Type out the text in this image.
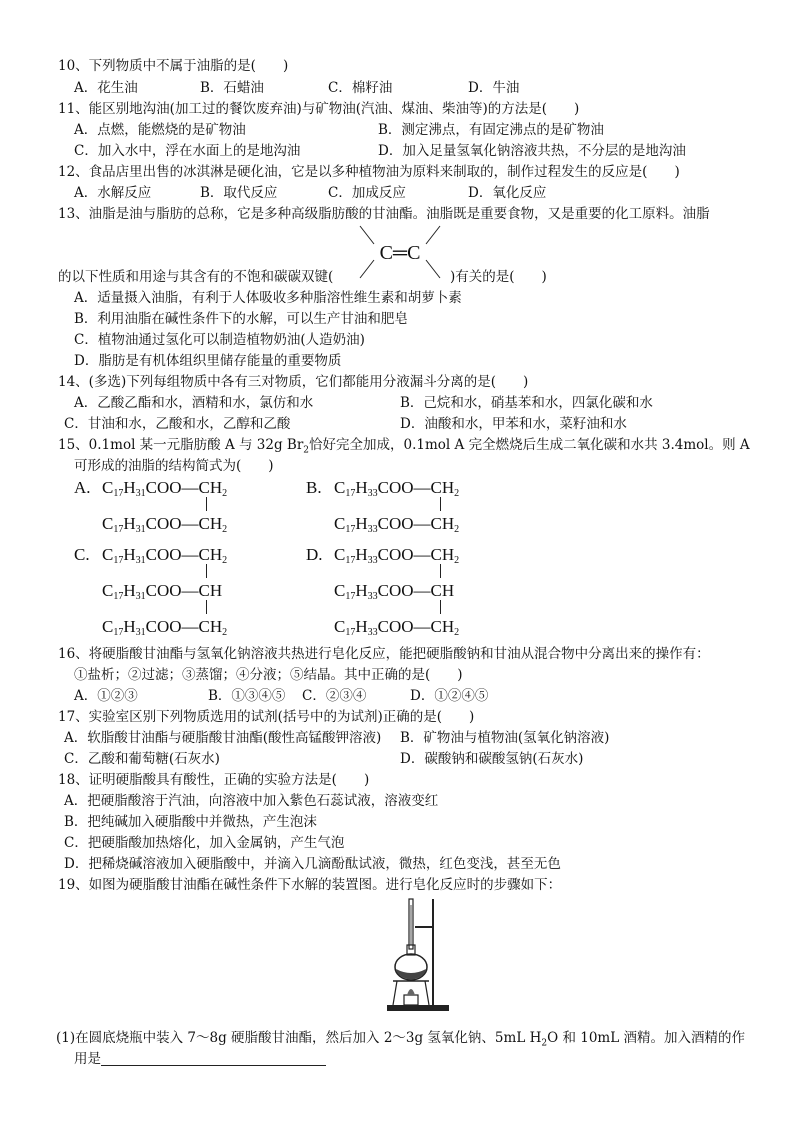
10、下列物质中不属于油脂的是(　　)
A．花生油	B．石蜡油	C．棉籽油	D．牛油
11、能区别地沟油(加工过的餐饮废弃油)与矿物油(汽油、煤油、柴油等)的方法是(　　)
A．点燃，能燃烧的是矿物油	B．测定沸点，有固定沸点的是矿物油
C．加入水中，浮在水面上的是地沟油	D．加入足量氢氧化钠溶液共热，不分层的是地沟油
12、食品店里出售的冰淇淋是硬化油，它是以多种植物油为原料来制取的，制作过程发生的反应是(　　)
A．水解反应	B．取代反应	C．加成反应	D．氧化反应
13、油脂是油与脂肪的总称，它是多种高级脂肪酸的甘油酯。油脂既是重要食物，又是重要的化工原料。油脂
C═C
的以下性质和用途与其含有的不饱和碳碳双键(	)有关的是(　　)
A．适量摄入油脂，有利于人体吸收多种脂溶性维生素和胡萝卜素
B．利用油脂在碱性条件下的水解，可以生产甘油和肥皂
C．植物油通过氢化可以制造植物奶油(人造奶油)
D．脂肪是有机体组织里储存能量的重要物质
14、(多选)下列每组物质中各有三对物质，它们都能用分液漏斗分离的是(　　)
A．乙酸乙酯和水，酒精和水，氯仿和水	B．己烷和水，硝基苯和水，四氯化碳和水
C．甘油和水，乙酸和水，乙醇和乙酸	D．油酸和水，甲苯和水，菜籽油和水
15、0.1mol 某一元脂肪酸 A 与 32g $Br_2$恰好完全加成，0.1mol A 完全燃烧后生成二氧化碳和水共 3.4mol。则 A
可形成的油脂的结构简式为(　　)
A. $C_{17}H_{31}COO—CH_2$
$C_{17}H_{31}COO—CH_2$
B. $C_{17}H_{33}COO—CH_2$
$C_{17}H_{33}COO—CH_2$
C. $C_{17}H_{31}COO—CH_2$
$C_{17}H_{31}COO—CH$
$C_{17}H_{31}COO—CH_2$
D. $C_{17}H_{33}COO—CH_2$
$C_{17}H_{33}COO—CH$
$C_{17}H_{33}COO—CH_2$
16、将硬脂酸甘油酯与氢氧化钠溶液共热进行皂化反应，能把硬脂酸钠和甘油从混合物中分离出来的操作有：
①盐析；②过滤；③蒸馏；④分液；⑤结晶。其中正确的是(　　)
A．①②③	B．①③④⑤ C．②③④	D．①②④⑤
17、实验室区别下列物质选用的试剂(括号中的为试剂)正确的是(　　)
A．软脂酸甘油酯与硬脂酸甘油酯(酸性高锰酸钾溶液) B．矿物油与植物油(氢氧化钠溶液)
C．乙酸和葡萄糖(石灰水)	D．碳酸钠和碳酸氢钠(石灰水)
18、证明硬脂酸具有酸性，正确的实验方法是(　　)
A．把硬脂酸溶于汽油，向溶液中加入紫色石蕊试液，溶液变红
B．把纯碱加入硬脂酸中并微热，产生泡沫
C．把硬脂酸加热熔化，加入金属钠，产生气泡
D．把稀烧碱溶液加入硬脂酸中，并滴入几滴酚酞试液，微热，红色变浅，甚至无色
19、如图为硬脂酸甘油酯在碱性条件下水解的装置图。进行皂化反应时的步骤如下：
(1)在圆底烧瓶中装入 7～8g 硬脂酸甘油酯，然后加入 2～3g 氢氧化钠、5mL $H_2O$ 和 10mL 酒精。加入酒精的作
用是
